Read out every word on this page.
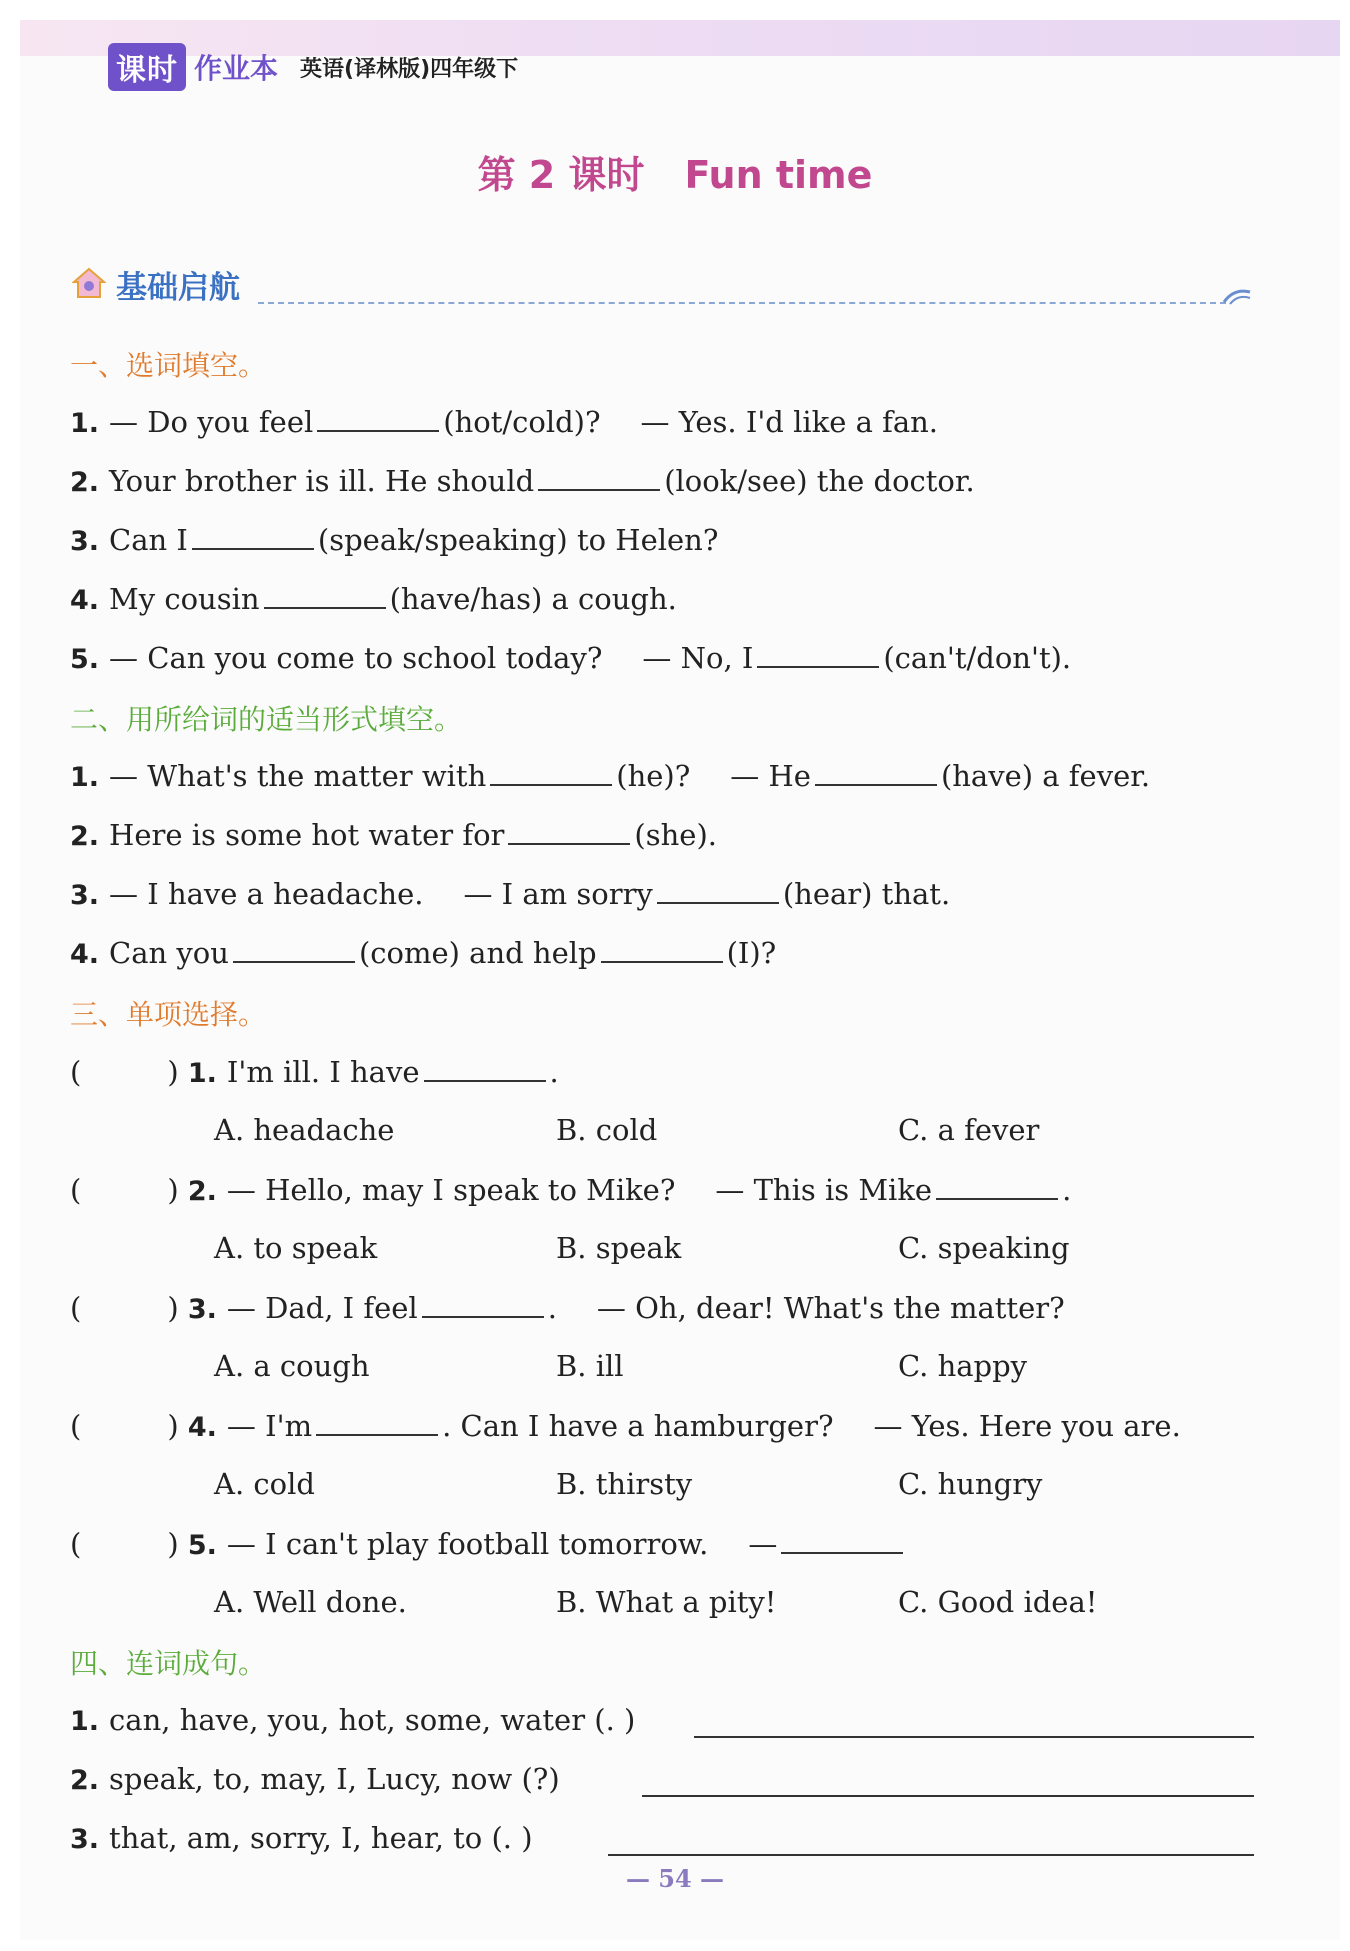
课时 作业本 英语(译林版)四年级下
第 2 课时 Fun time
基础启航
一、选词填空。
1. — Do you feel	(hot/cold)? — Yes. I'd like a fan.
2. Your brother is ill. He should	(look/see) the doctor.
3. Can I	(speak/speaking) to Helen?
4. My cousin	(have/has) a cough.
5. — Can you come to school today? — No, I	(can't/don't).
二、用所给词的适当形式填空。
1. — What's the matter with	(he)? — He	(have) a fever.
2. Here is some hot water for	(she).
3. — I have a headache. — I am sorry	(hear) that.
4. Can you	(come) and help	(I)?
三、单项选择。
(	) 1. I'm ill. I have	.
A. headache	B. cold	C. a fever
(	) 2. — Hello, may I speak to Mike? — This is Mike	.
A. to speak	B. speak	C. speaking
(	) 3. — Dad, I feel	. — Oh, dear! What's the matter?
A. a cough	B. ill	C. happy
(	) 4. — I'm	. Can I have a hamburger? — Yes. Here you are.
A. cold	B. thirsty	C. hungry
(	) 5. — I can't play football tomorrow. —
A. Well done.	B. What a pity!	C. Good idea!
四、连词成句。
1. can, have, you, hot, some, water (. )
2. speak, to, may, I, Lucy, now (?)
3. that, am, sorry, I, hear, to (. )
— 54 —
